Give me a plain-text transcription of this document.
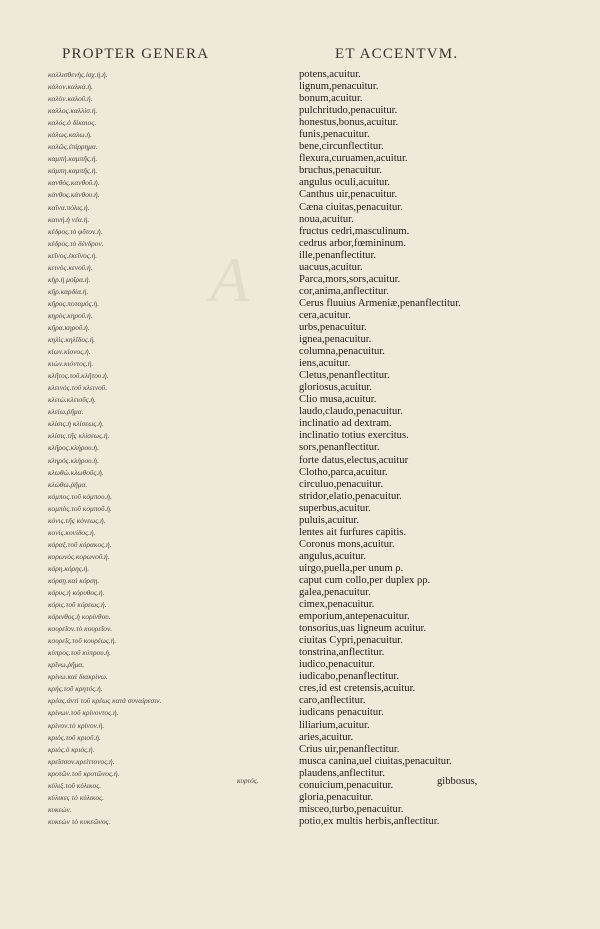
A
PROPTER GENERA	ET ACCENTVM.
καλλισθενὴς.ἰσχ.ἡ.ἡ.
κάλον.καλκά.ἡ.
καλὸν.καλοῦ.ἡ.
καλλος.καλλίσ.ἡ.
καλός.ὁ δίκαιος.
κάλως.καλω.ἡ.
καλῶς.ἐπίρρημα.
καμπὴ.καμπῆς.ἡ.
κάμπη.καμπῆς.ἡ.
κανθὸς.κανθοῦ.ἡ.
κάνθος.κάνθου.ἡ.
καῖνα.πόλις.ἡ.
καινή.ἡ νέα.ἡ.
κέδρος.τὸ φῦτον.ἡ.
κέδρος.τὸ δένδρον.
κεῖνος.ἐκεῖνος.ἡ.
κεινὸς.κενοῦ.ἡ.
κὴρ.ἡ μοῖρα.ἡ.
κῆρ.καρδία.ἡ.
κῆρος.ποταμός.ἡ.
κηρὸς.κηροῦ.ἡ.
κῆρα.κηροῦ.ἡ.
κηλὶς.κηλῖδος.ἡ.
κίων.κίονος.ἡ.
κιὼν.κιόντος.ἡ.
κλῆτος.τοῦ.κλῆτου.ἡ.
κλεινὸς.τοῦ κλεινοῦ.
κλειὼ.κλειοῦς.ἡ.
κλείω.ῥῆμα.
κλίσις.ἡ κλίσεως.ἡ.
κλίσις.τῆς κλίσεως.ἡ.
κλῆρος.κλήρου.ἡ.
κληρὸς.κλήρου.ἡ.
κλωθὼ.κλωθοῦς.ἡ.
κλώθω.ῥῆμα.
κόμπος.τοῦ κόμπου.ἡ.
κομπὸς.τοῦ κομποῦ.ἡ.
κόνις.τῆς κόνεως.ἡ.
κονὶς.κονίδος.ἡ.
κόραξ.τοῦ κόρακος.ἡ.
κορωνὸς.κορωνοῦ.ἡ.
κόρη.κόρης.ἡ.
κόρσῃ.καὶ κόρσῃ.
κόρυς.ἡ κόρυθος.ἡ.
κόρις.τοῦ κόρεως.ἡ.
κόρινθος.ἡ κορίνθου.
κουρεῖον.τὸ κουρεῖον.
κουρεῖς.τοῦ κουρέως.ἡ.
κύπρος.τοῦ κύπρου.ἡ.
κρῖνω.ῥῆμα.
κρίνω.καὶ διακρίνω.
κρής.τοῦ κρητός.ἡ.
κρέας.ἀντὶ τοῦ κρέως κατὰ συναίρεσιν.
κρίνων.τοῦ κρίνοντος.ἡ.
κρίνον.τὸ κρίνον.ἡ.
κριός.τοῦ κριοῦ.ἡ.
κριὸς.ὁ κριός.ἡ.
κρεῖσσον.κρείττονος.ἡ.
κροτῶν.τοῦ κροτῶνος.ἡ.
κύλιξ.τοῦ κύλικος.
κύλικες τὸ κύλικος.
κυκεὼν.
κυκεὼν τὸ κυκεῶνος.
potens,acuitur.
lignum,penacuitur.
bonum,acuitur.
pulchritudo,penacuitur.
honestus,bonus,acuitur.
funis,penacuitur.
bene,circunflectitur.
flexura,curuamen,acuitur.
bruchus,penacuitur.
angulus oculi,acuitur.
Canthus uir,penacuitur.
Cæna ciuitas,penacuitur.
noua,acuitur.
fructus cedri,masculinum.
cedrus arbor,fœmininum.
ille,penanflectitur.
uacuus,acuitur.
Parca,mors,sors,acuitur.
cor,anima,anflectitur.
Cerus fluuius Armeniæ,penanflectitur.
cera,acuitur.
urbs,penacuitur.
ignea,penacuitur.
columna,penacuitur.
iens,acuitur.
Cletus,penanflectitur.
gloriosus,acuitur.
Clio musa,acuitur.
laudo,claudo,penacuitur.
inclinatio ad dextram.
inclinatio totius exercitus.
sors,penanflectitur.
forte datus,electus,acuitur
Clotho,parca,acuitur.
circuluo,penacuitur.
stridor,elatio,penacuitur.
superbus,acuitur.
puluis,acuitur.
lentes ait furfures capitis.
Coronus mons,acuitur.
angulus,acuitur.
uirgo,puella,per unum ρ.
caput cum collo,per duplex ρρ.
galea,penacuitur.
cimex,penacuitur.
emporium,antepenacuitur.
tonsorius,uas ligneum acuitur.
ciuitas Cypri,penacuitur.
tonstrina,anflectitur.
iudico,penacuitur.
iudicabo,penanflectitur.
cres,id est cretensis,acuitur.
caro,anflectitur.
iudicans penacuitur.
liliarium,acuitur.
aries,acuitur.
Crius uir,penanflectitur.
musca canina,uel ciuitas,penacuitur.
plaudens,anflectitur.
conuicium,penacuitur.
gloria,penacuitur.
misceo,turbo,penacuitur.
potio,ex multis herbis,anflectitur.
κυρτός.	gibbosus,
